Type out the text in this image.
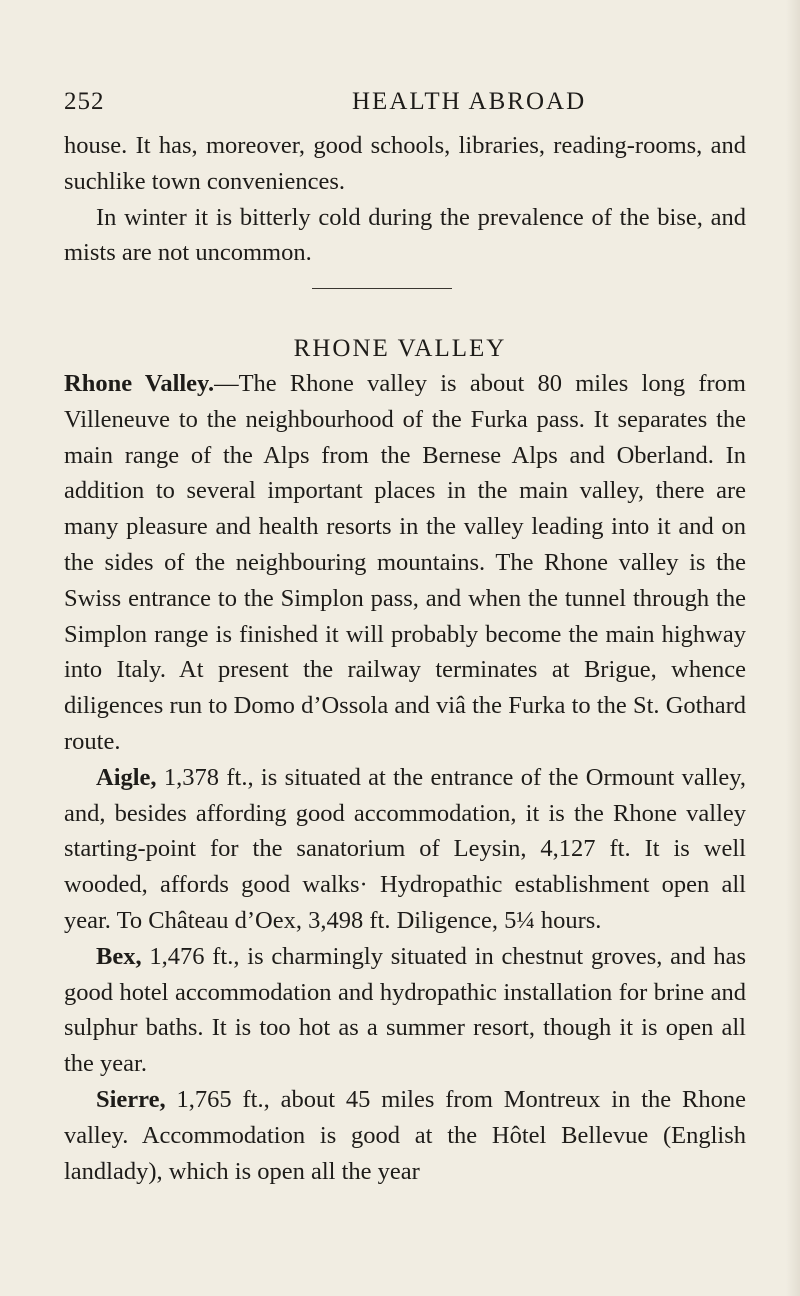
252	HEALTH ABROAD

house. It has, moreover, good schools, libraries, reading-rooms, and suchlike town conveniences.

In winter it is bitterly cold during the prevalence of the bise, and mists are not uncommon.

RHONE VALLEY

Rhone Valley.—The Rhone valley is about 80 miles long from Villeneuve to the neighbourhood of the Furka pass. It separates the main range of the Alps from the Bernese Alps and Oberland. In addition to several important places in the main valley, there are many pleasure and health resorts in the valley leading into it and on the sides of the neighbouring mountains. The Rhone valley is the Swiss entrance to the Simplon pass, and when the tunnel through the Simplon range is finished it will probably become the main highway into Italy. At present the railway terminates at Brigue, whence diligences run to Domo d’Ossola and viâ the Furka to the St. Gothard route.

Aigle, 1,378 ft., is situated at the entrance of the Ormount valley, and, besides affording good accommodation, it is the Rhone valley starting-point for the sanatorium of Leysin, 4,127 ft. It is well wooded, affords good walks· Hydropathic establishment open all year. To Château d’Oex, 3,498 ft. Diligence, 5¼ hours.

Bex, 1,476 ft., is charmingly situated in chestnut groves, and has good hotel accommodation and hydropathic installation for brine and sulphur baths. It is too hot as a summer resort, though it is open all the year.

Sierre, 1,765 ft., about 45 miles from Montreux in the Rhone valley. Accommodation is good at the Hôtel Bellevue (English landlady), which is open all the year
